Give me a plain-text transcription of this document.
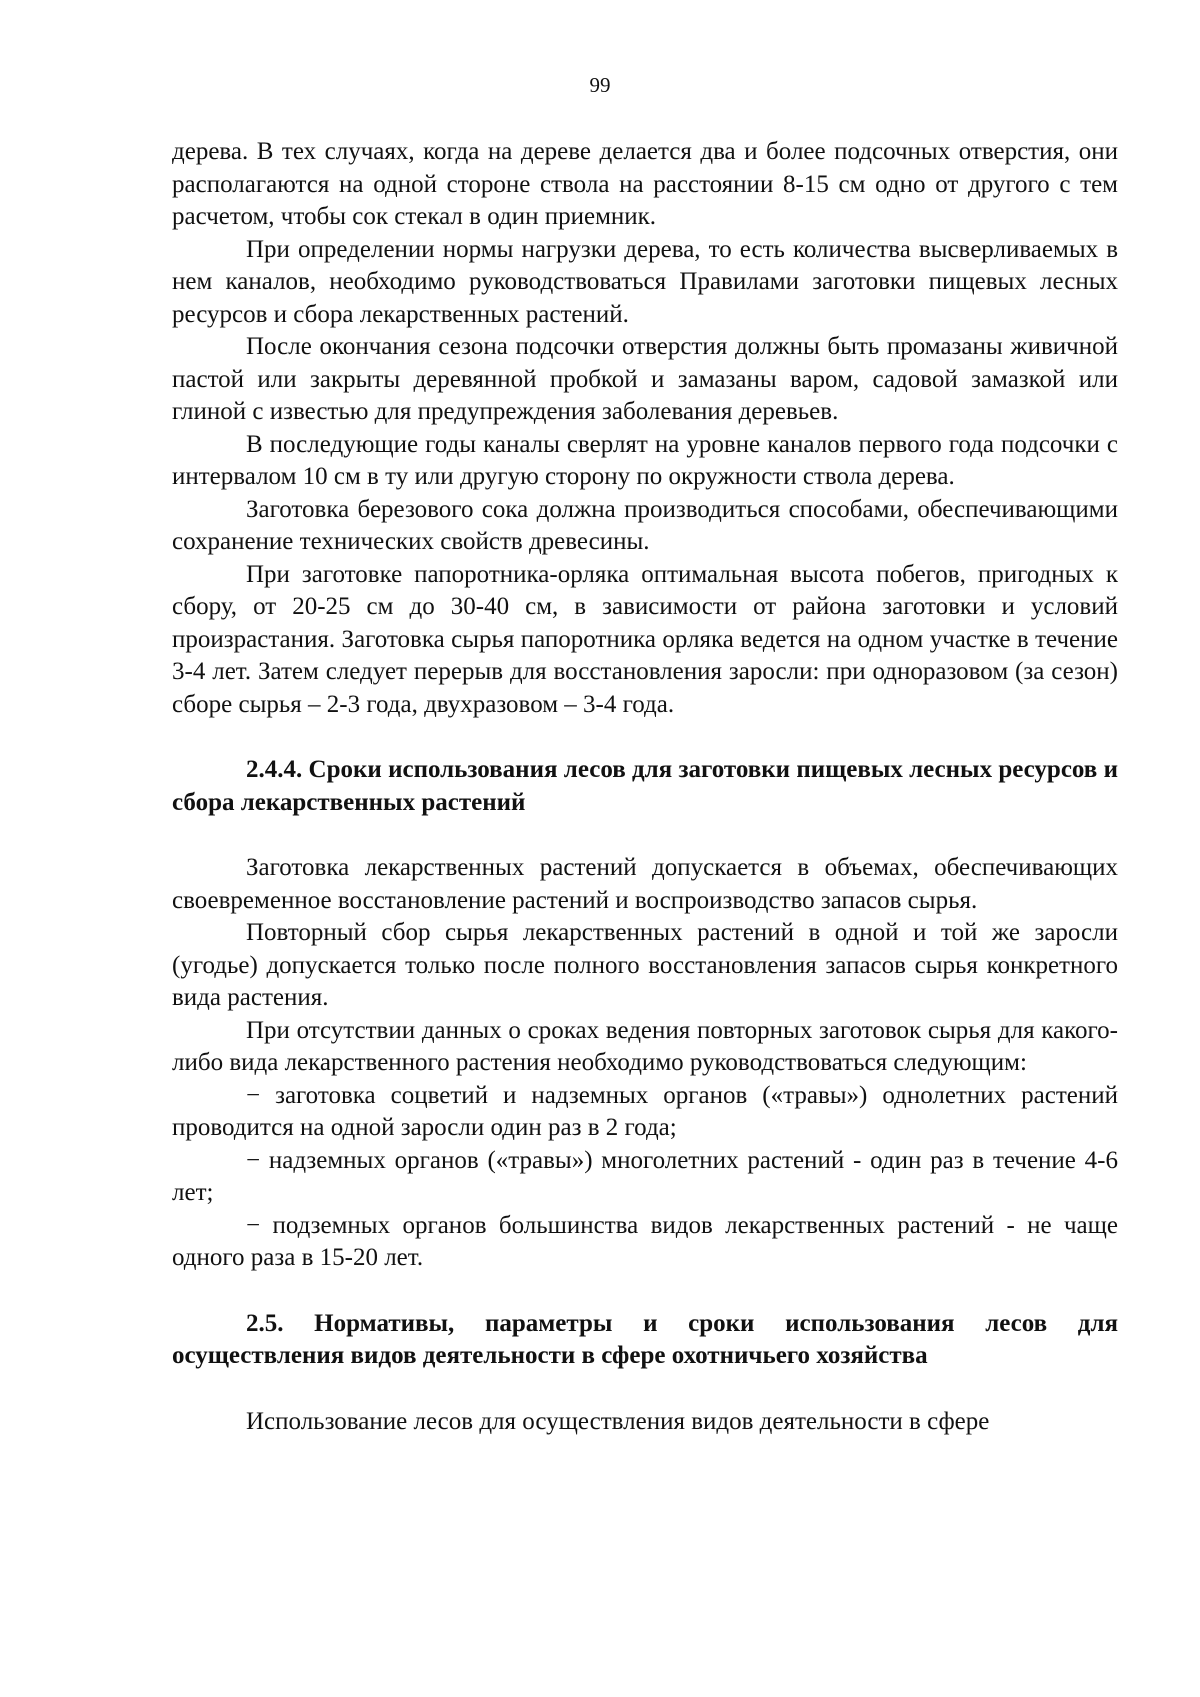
99

дерева. В тех случаях, когда на дереве делается два и более подсочных отверстия, они располагаются на одной стороне ствола на расстоянии 8-15 см одно от другого с тем расчетом, чтобы сок стекал в один приемник.

При определении нормы нагрузки дерева, то есть количества высверливаемых в нем каналов, необходимо руководствоваться Правилами заготовки пищевых лесных ресурсов и сбора лекарственных растений.

После окончания сезона подсочки отверстия должны быть промазаны живичной пастой или закрыты деревянной пробкой и замазаны варом, садовой замазкой или глиной с известью для предупреждения заболевания деревьев.

В последующие годы каналы сверлят на уровне каналов первого года подсочки с интервалом 10 см в ту или другую сторону по окружности ствола дерева.

Заготовка березового сока должна производиться способами, обеспечивающими сохранение технических свойств древесины.

При заготовке папоротника-орляка оптимальная высота побегов, пригодных к сбору, от 20-25 см до 30-40 см, в зависимости от района заготовки и условий произрастания. Заготовка сырья папоротника орляка ведется на одном участке в течение 3-4 лет. Затем следует перерыв для восстановления заросли: при одноразовом (за сезон) сборе сырья – 2-3 года, двухразовом – 3-4 года.

2.4.4. Сроки использования лесов для заготовки пищевых лесных ресурсов и сбора лекарственных растений

Заготовка лекарственных растений допускается в объемах, обеспечивающих своевременное восстановление растений и воспроизводство запасов сырья.

Повторный сбор сырья лекарственных растений в одной и той же заросли (угодье) допускается только после полного восстановления запасов сырья конкретного вида растения.

При отсутствии данных о сроках ведения повторных заготовок сырья для какого-либо вида лекарственного растения необходимо руководствоваться следующим:

− заготовка соцветий и надземных органов («травы») однолетних растений проводится на одной заросли один раз в 2 года;

− надземных органов («травы») многолетних растений - один раз в течение 4-6 лет;

− подземных органов большинства видов лекарственных растений - не чаще одного раза в 15-20 лет.

2.5. Нормативы, параметры и сроки использования лесов для осуществления видов деятельности в сфере охотничьего хозяйства

Использование лесов для осуществления видов деятельности в сфере
